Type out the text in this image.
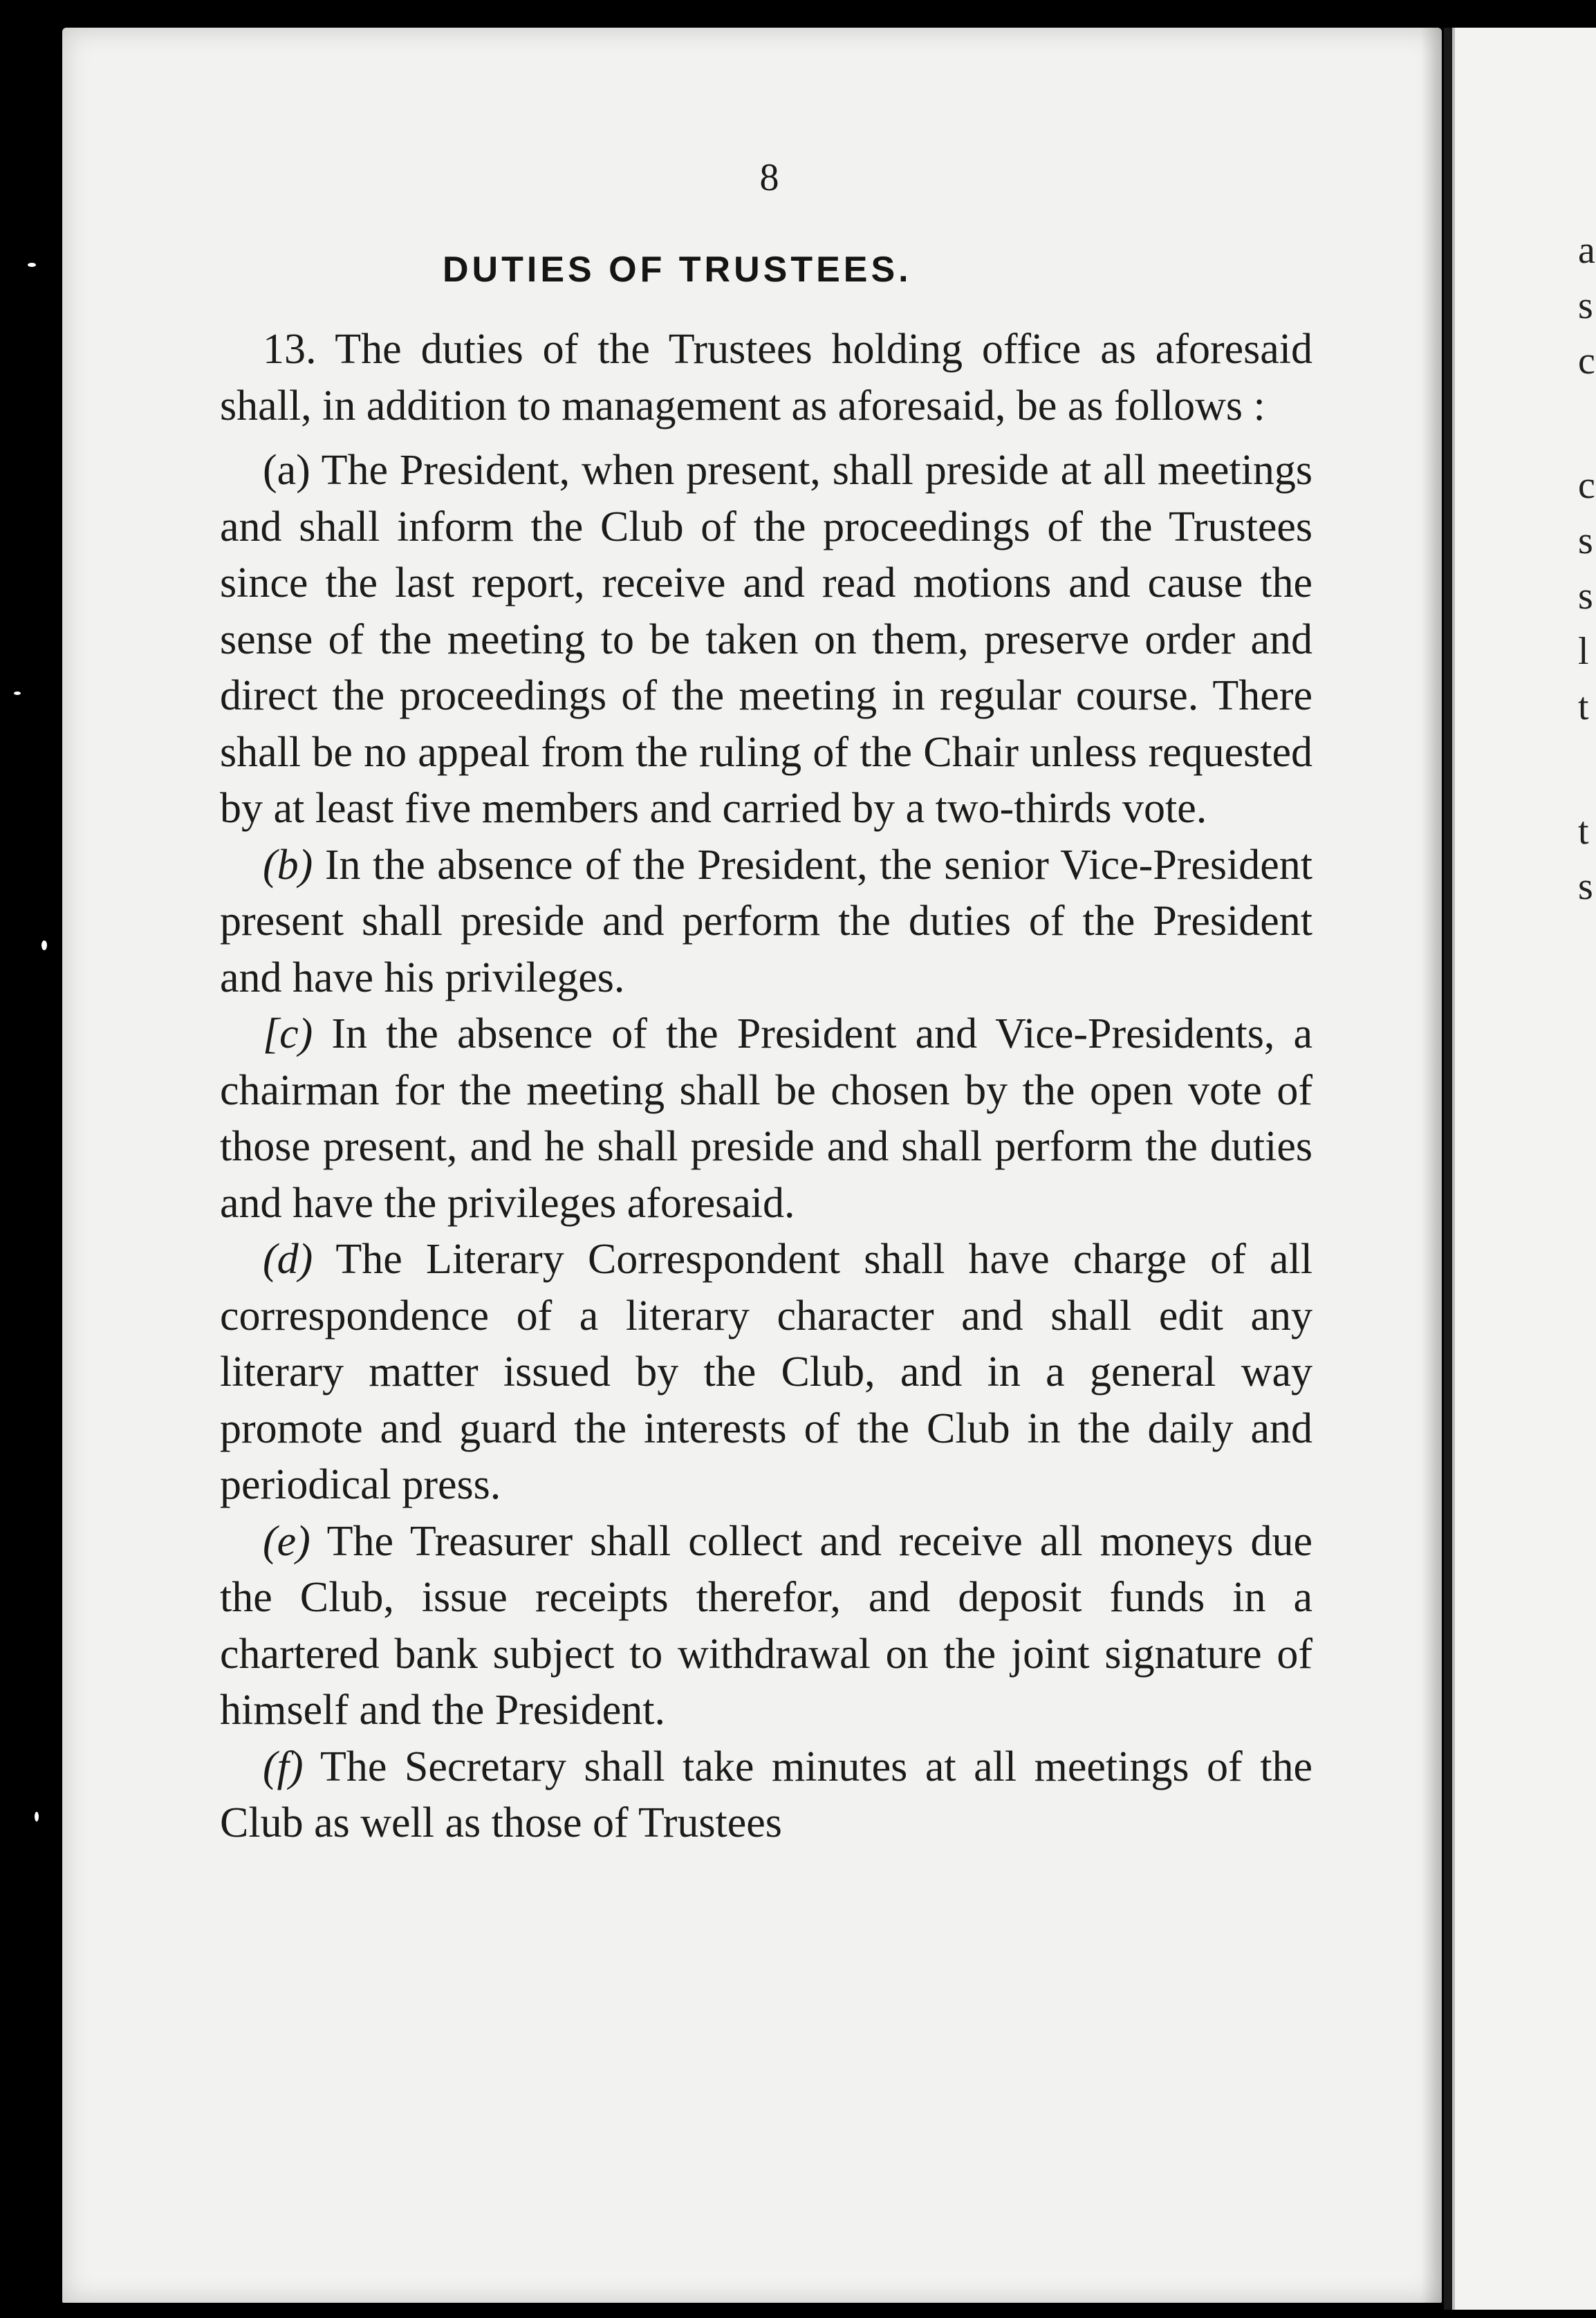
a
s
c
c
s
s
l
t
t
s
8
DUTIES OF TRUSTEES.

13. The duties of the Trustees holding office as aforesaid shall, in addition to management as aforesaid, be as follows :

(a) The President, when present, shall preside at all meetings and shall inform the Club of the proceedings of the Trustees since the last report, receive and read motions and cause the sense of the meeting to be taken on them, preserve order and direct the proceedings of the meeting in regular course. There shall be no appeal from the ruling of the Chair unless requested by at least five members and carried by a two-thirds vote.

(b) In the absence of the President, the senior Vice-President present shall preside and perform the duties of the President and have his privileges.

[c) In the absence of the President and Vice-Presidents, a chairman for the meeting shall be chosen by the open vote of those present, and he shall preside and shall perform the duties and have the privileges aforesaid.

(d) The Literary Correspondent shall have charge of all correspondence of a literary character and shall edit any literary matter issued by the Club, and in a general way promote and guard the interests of the Club in the daily and periodical press.

(e) The Treasurer shall collect and receive all moneys due the Club, issue receipts therefor, and deposit funds in a chartered bank subject to withdrawal on the joint signature of himself and the President.

(f) The Secretary shall take minutes at all meetings of the Club as well as those of Trustees
